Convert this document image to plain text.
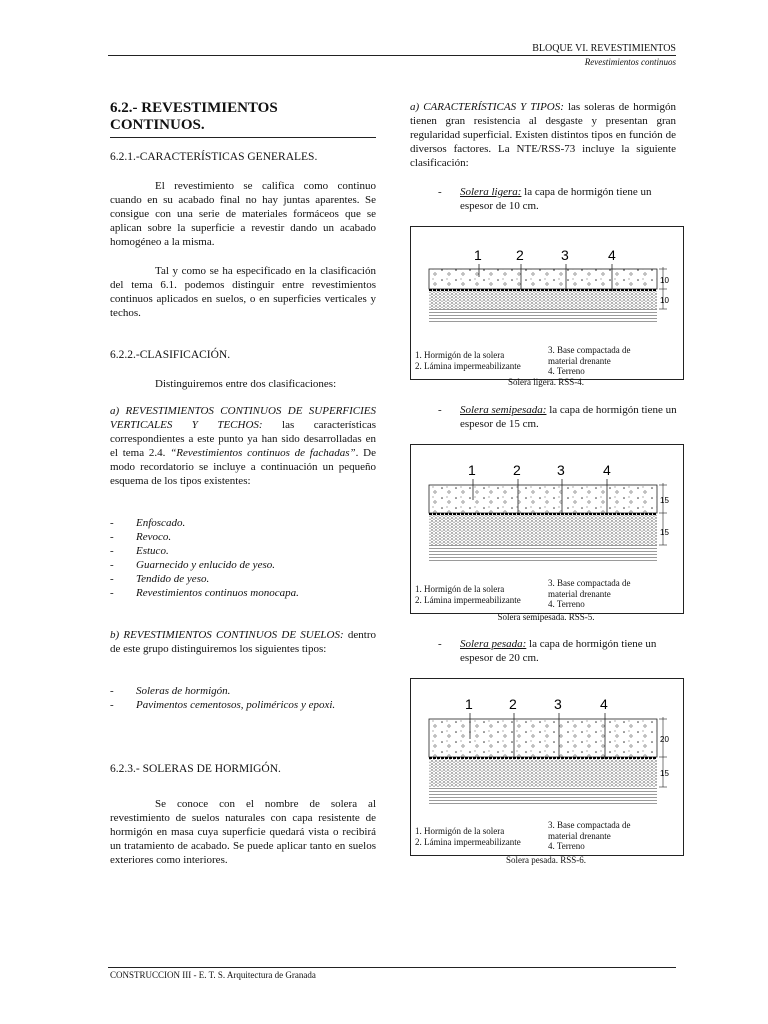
BLOQUE VI. REVESTIMIENTOS
Revestimientos continuos
6.2.- REVESTIMIENTOS
CONTINUOS.
6.2.1.-CARACTERÍSTICAS GENERALES.

El revestimiento se califica como continuo cuando en su acabado final no hay juntas aparentes. Se consigue con una serie de materiales formáceos que se aplican sobre la superficie a revestir dando un acabado homogéneo a la misma.

Tal y como se ha especificado en la clasificación del tema 6.1. podemos distinguir entre revestimientos continuos aplicados en suelos, o en superficies verticales y techos.

6.2.2.-CLASIFICACIÓN.

Distinguiremos entre dos clasificaciones:

a) REVESTIMIENTOS CONTINUOS DE SUPERFICIES VERTICALES Y TECHOS: las características correspondientes a este punto ya han sido desarrolladas en el tema 2.4. “Revestimientos continuos de fachadas”. De modo recordatorio se incluye a continuación un pequeño esquema de los tipos existentes:

- Enfoscado.
- Revoco.
- Estuco.
- Guarnecido y enlucido de yeso.
- Tendido de yeso.
- Revestimientos continuos monocapa.

b) REVESTIMIENTOS CONTINUOS DE SUELOS: dentro de este grupo distinguiremos los siguientes tipos:

- Soleras de hormigón.
- Pavimentos cementosos, poliméricos y epoxi.
6.2.3.- SOLERAS DE HORMIGÓN.

Se conoce con el nombre de solera al revestimiento de suelos naturales con capa resistente de hormigón en masa cuya superficie quedará vista o recibirá un tratamiento de acabado. Se puede aplicar tanto en suelos exteriores como interiores.

a) CARACTERÍSTICAS Y TIPOS: las soleras de hormigón tienen gran resistencia al desgaste y presentan gran regularidad superficial. Existen distintos tipos en función de diversos factores. La NTE/RSS-73 incluye la siguiente clasificación:

- Solera ligera: la capa de hormigón tiene un espesor de 10 cm.
1 2	3	4
10
10
1. Hormigón de la solera
2. Lámina impermeabilizante
3. Base compactada de
material drenante
4. Terreno
Solera ligera. RSS-4.
- Solera semipesada: la capa de hormigón tiene un espesor de 15 cm.
1	2	3	4
15
15
1. Hormigón de la solera
2. Lámina impermeabilizante
3. Base compactada de
material drenante
4. Terreno
Solera semipesada. RSS-5.
- Solera pesada: la capa de hormigón tiene un espesor de 20 cm.
1	2	3	4
20
15
1. Hormigón de la solera
2. Lámina impermeabilizante
3. Base compactada de
material drenante
4. Terreno
Solera pesada. RSS-6.
CONSTRUCCION III - E. T. S. Arquitectura de Granada
